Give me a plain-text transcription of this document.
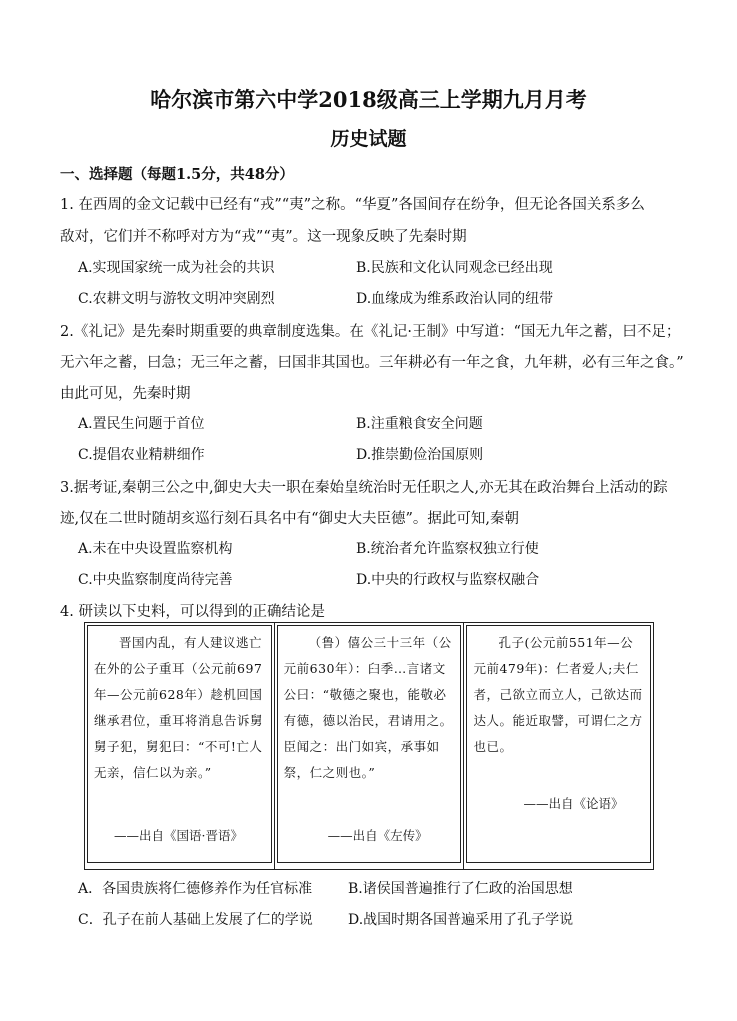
哈尔滨市第六中学2018级高三上学期九月月考
历史试题
一、选择题（每题1.5分，共48分）
1. 在西周的金文记载中已经有“戎”“夷”之称。“华夏”各国间存在纷争，但无论各国关系多么
敌对，它们并不称呼对方为“戎”“夷”。这一现象反映了先秦时期
A.实现国家统一成为社会的共识	B.民族和文化认同观念已经出现
C.农耕文明与游牧文明冲突剧烈	D.血缘成为维系政治认同的纽带
2.《礼记》是先秦时期重要的典章制度选集。在《礼记·王制》中写道：“国无九年之蓄，曰不足；
无六年之蓄，曰急；无三年之蓄，曰国非其国也。三年耕必有一年之食，九年耕，必有三年之食。”
由此可见，先秦时期
A.置民生问题于首位	B.注重粮食安全问题
C.提倡农业精耕细作	D.推崇勤俭治国原则
3.据考证,秦朝三公之中,御史大夫一职在秦始皇统治时无任职之人,亦无其在政治舞台上活动的踪
迹,仅在二世时随胡亥巡行刻石具名中有“御史大夫臣德”。据此可知,秦朝
A.未在中央设置监察机构	B.统治者允许监察权独立行使
C.中央监察制度尚待完善	D.中央的行政权与监察权融合
4. 研读以下史料，可以得到的正确结论是
晋国内乱，有人建议逃亡在外的公子重耳（公元前697年—公元前628年）趁机回国继承君位，重耳将消息告诉舅舅子犯，舅犯曰：“不可!亡人无亲，信仁以为亲。”
——出自《国语·晋语》

（鲁）僖公三十三年（公元前630年）：臼季…言诸文公曰：“敬德之聚也，能敬必有德，德以治民，君请用之。臣闻之：出门如宾，承事如祭，仁之则也。”
——出自《左传》

孔子(公元前551年—公元前479年)：仁者爱人;夫仁者，己欲立而立人，己欲达而达人。能近取譬，可谓仁之方也已。
——出自《论语》
A．各国贵族将仁德修养作为任官标准	B.诸侯国普遍推行了仁政的治国思想
C．孔子在前人基础上发展了仁的学说	D.战国时期各国普遍采用了孔子学说
